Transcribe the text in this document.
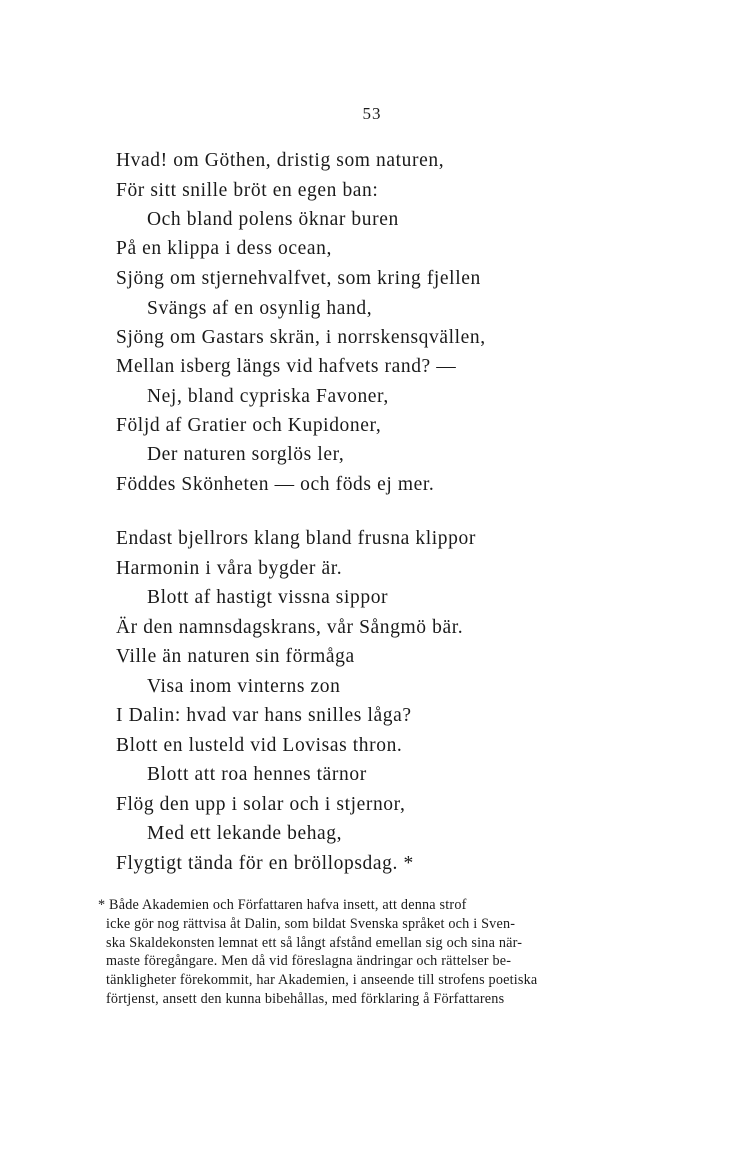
53
Hvad! om Göthen, dristig som naturen,
För sitt snille bröt en egen ban:
Och bland polens öknar buren
På en klippa i dess ocean,
Sjöng om stjernehvalfvet, som kring fjellen
Svängs af en osynlig hand,
Sjöng om Gastars skrän, i norrskensqvällen,
Mellan isberg längs vid hafvets rand? —
Nej, bland cypriska Favoner,
Följd af Gratier och Kupidoner,
Der naturen sorglös ler,
Föddes Skönheten — och föds ej mer.
Endast bjellrors klang bland frusna klippor
Harmonin i våra bygder är.
Blott af hastigt vissna sippor
Är den namnsdagskrans, vår Sångmö bär.
Ville än naturen sin förmåga
Visa inom vinterns zon
I Dalin: hvad var hans snilles låga?
Blott en lusteld vid Lovisas thron.
Blott att roa hennes tärnor
Flög den upp i solar och i stjernor,
Med ett lekande behag,
Flygtigt tända för en bröllopsdag. *
* Både Akademien och Författaren hafva insett, att denna strof
icke gör nog rättvisa åt Dalin, som bildat Svenska språket och i Sven-
ska Skaldekonsten lemnat ett så långt afstånd emellan sig och sina när-
maste föregångare. Men då vid föreslagna ändringar och rättelser be-
tänkligheter förekommit, har Akademien, i anseende till strofens poetiska
förtjenst, ansett den kunna bibehållas, med förklaring å Författarens
